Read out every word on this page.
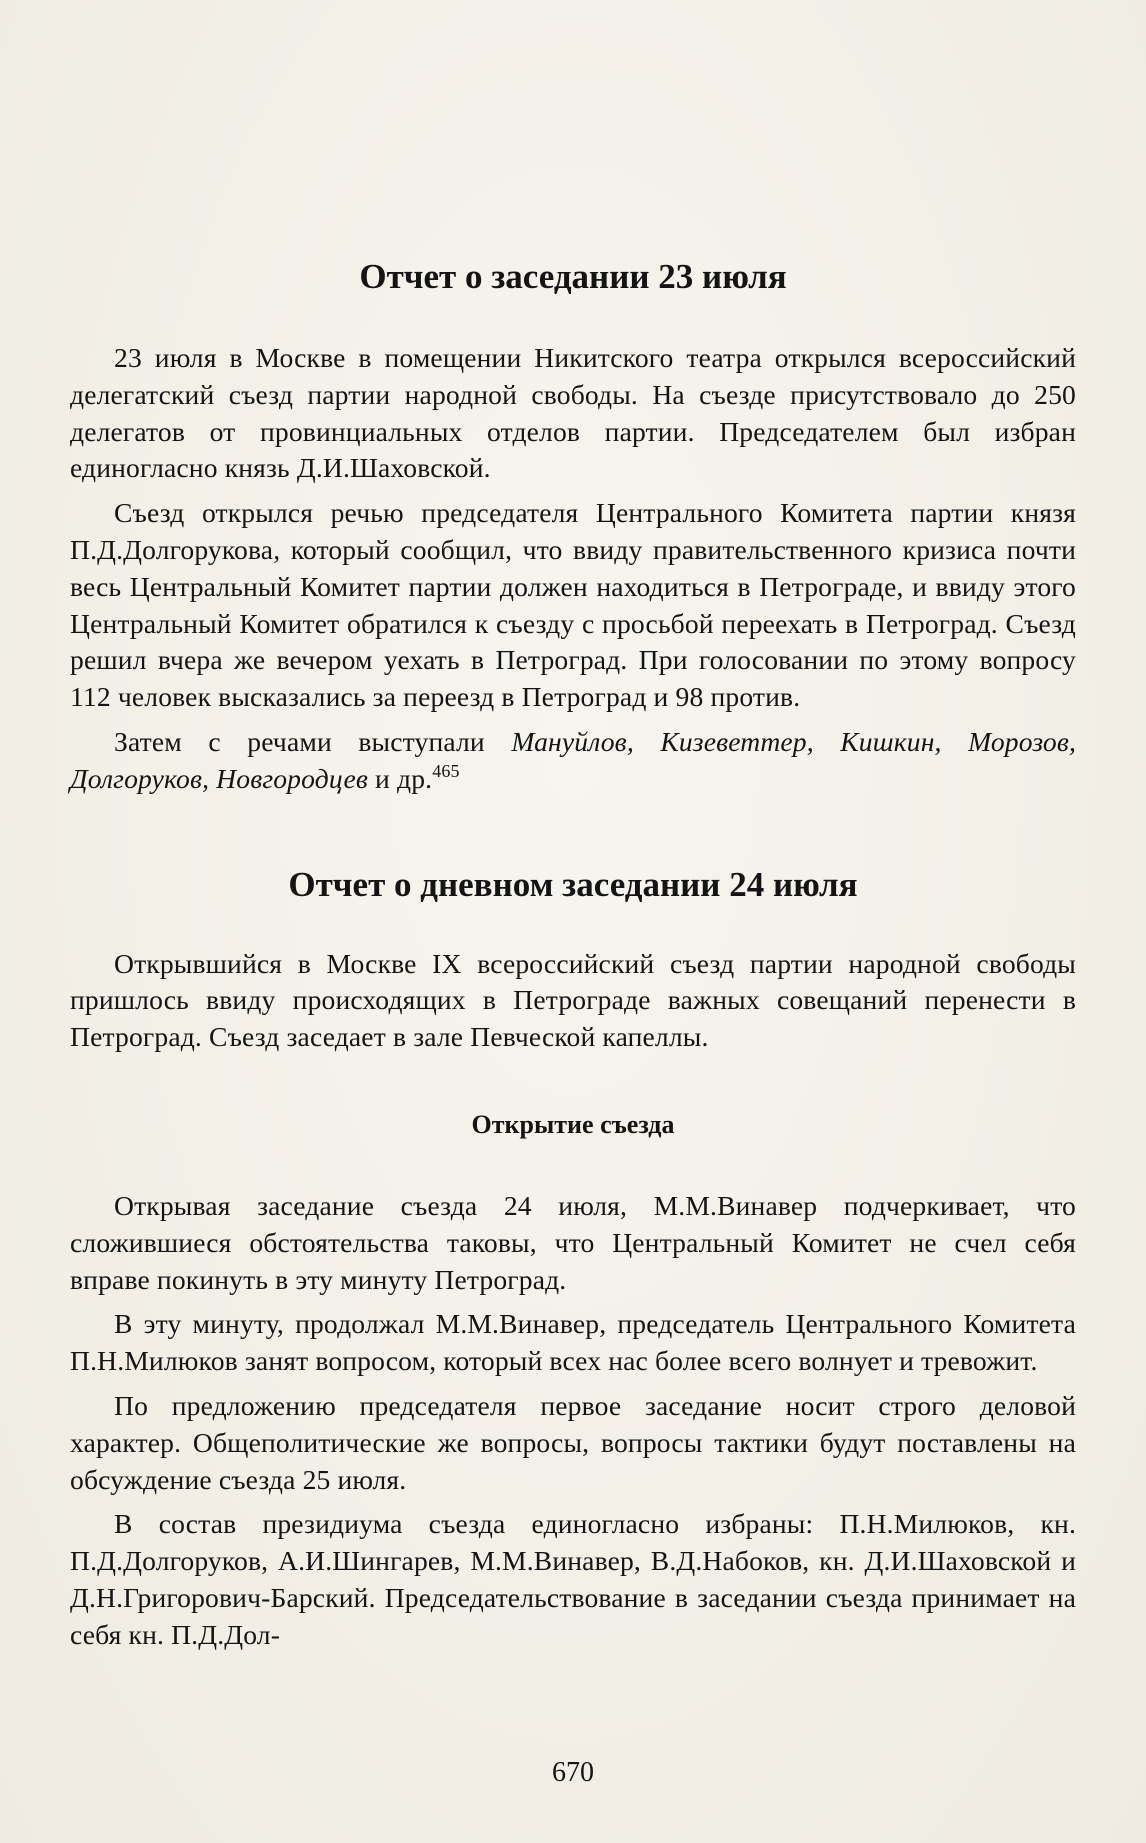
Отчет о заседании 23 июля

23 июля в Москве в помещении Никитского театра открылся всероссийский делегатский съезд партии народной свободы. На съезде присутствовало до 250 делегатов от провинциальных отделов партии. Председателем был избран единогласно князь Д.И.Шаховской.

Съезд открылся речью председателя Центрального Комитета партии князя П.Д.Долгорукова, который сообщил, что ввиду правительственного кризиса почти весь Центральный Комитет партии должен находиться в Петрограде, и ввиду этого Центральный Комитет обратился к съезду с просьбой переехать в Петроград. Съезд решил вчера же вечером уехать в Петроград. При голосовании по этому вопросу 112 человек высказались за переезд в Петроград и 98 против.

Затем с речами выступали Мануйлов, Кизеветтер, Кишкин, Морозов, Долгоруков, Новгородцев и др.$^{465}$

Отчет о дневном заседании 24 июля

Открывшийся в Москве IX всероссийский съезд партии народной свободы пришлось ввиду происходящих в Петрограде важных совещаний перенести в Петроград. Съезд заседает в зале Певческой капеллы.

Открытие съезда

Открывая заседание съезда 24 июля, М.М.Винавер подчеркивает, что сложившиеся обстоятельства таковы, что Центральный Комитет не счел себя вправе покинуть в эту минуту Петроград.

В эту минуту, продолжал М.М.Винавер, председатель Центрального Комитета П.Н.Милюков занят вопросом, который всех нас более всего волнует и тревожит.

По предложению председателя первое заседание носит строго деловой характер. Общеполитические же вопросы, вопросы тактики будут поставлены на обсуждение съезда 25 июля.

В состав президиума съезда единогласно избраны: П.Н.Милюков, кн. П.Д.Долгоруков, А.И.Шингарев, М.М.Винавер, В.Д.Набоков, кн. Д.И.Шаховской и Д.Н.Григорович-Барский. Председательствование в заседании съезда принимает на себя кн. П.Д.Дол-

670
